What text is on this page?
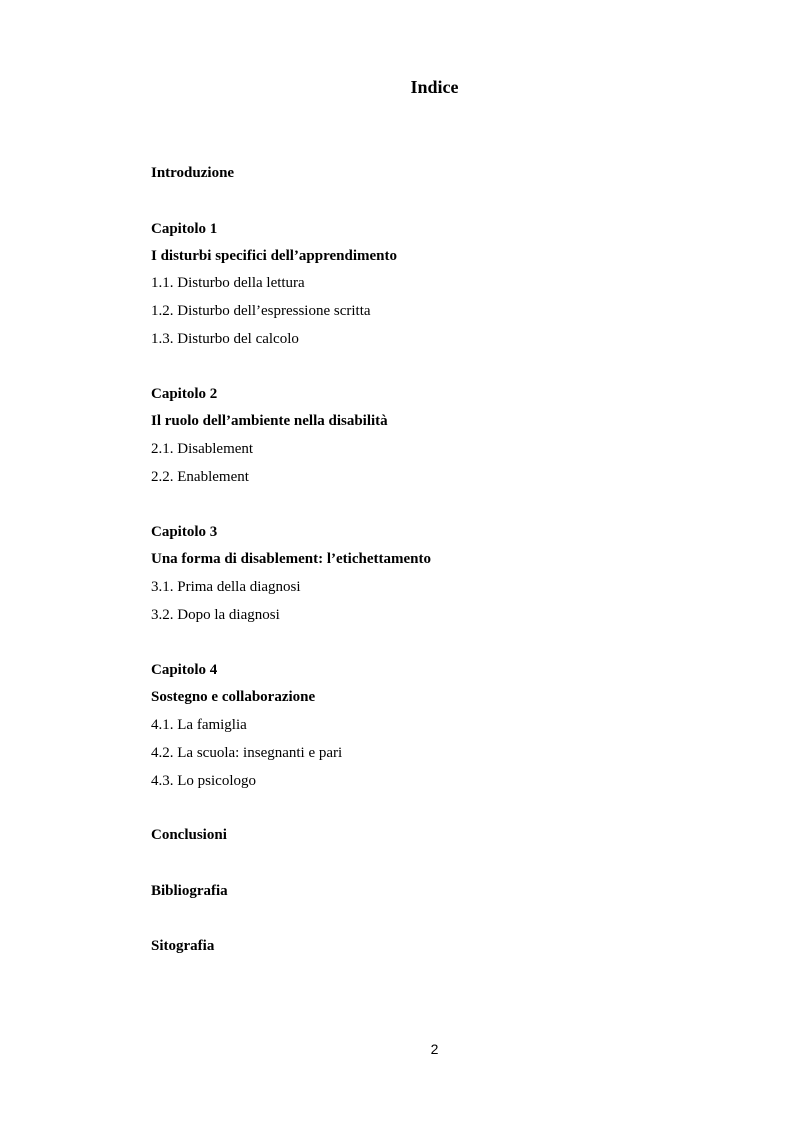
Indice
Introduzione
Capitolo 1
I disturbi specifici dell’apprendimento
1.1. Disturbo della lettura
1.2. Disturbo dell’espressione scritta
1.3. Disturbo del calcolo
Capitolo 2
Il ruolo dell’ambiente nella disabilità
2.1. Disablement
2.2. Enablement
Capitolo 3
Una forma di disablement: l’etichettamento
3.1. Prima della diagnosi
3.2. Dopo la diagnosi
Capitolo 4
Sostegno e collaborazione
4.1. La famiglia
4.2. La scuola: insegnanti e pari
4.3. Lo psicologo
Conclusioni
Bibliografia
Sitografia
2
